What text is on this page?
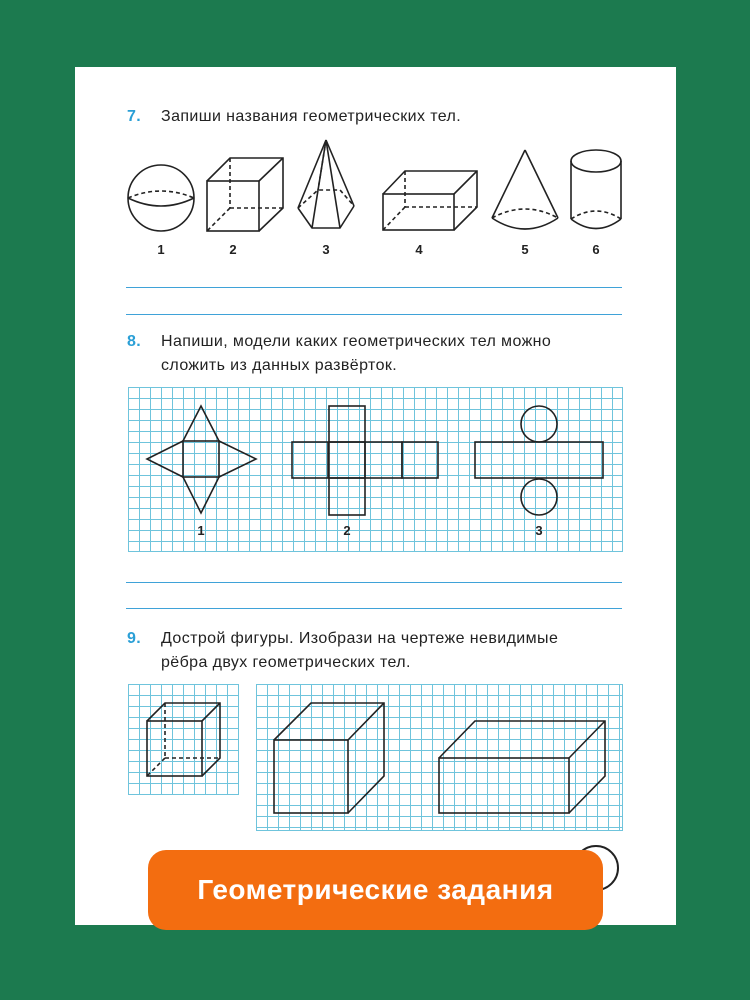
7. Запиши названия геометрических тел.
1	2	3	4	5	6
8. Напиши, модели каких геометрических тел можно
сложить из данных развёрток.
1	2	3
9. Дострой фигуры. Изобрази на чертеже невидимые
рёбра двух геометрических тел.
Геометрические задания
